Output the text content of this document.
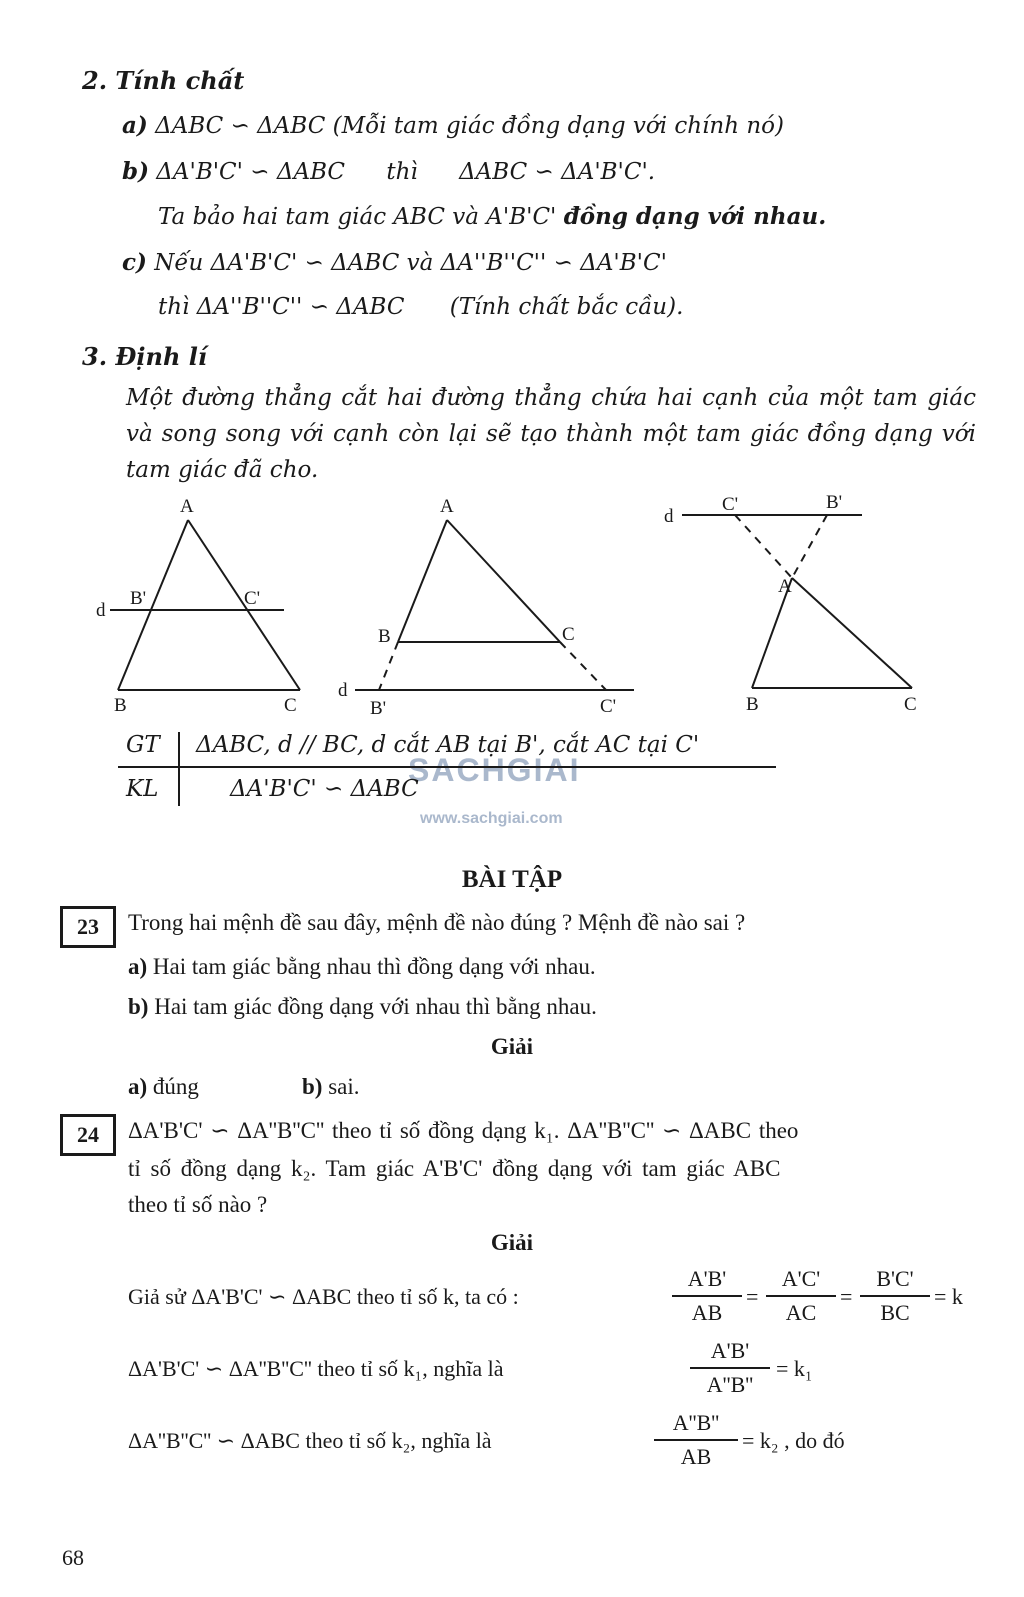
2. Tính chất
a) ΔABC ∽ ΔABC (Mỗi tam giác đồng dạng với chính nó)
b) ΔA'B'C' ∽ ΔABC thì ΔABC ∽ ΔA'B'C'.
Ta bảo hai tam giác ABC và A'B'C' đồng dạng với nhau.
c) Nếu ΔA'B'C' ∽ ΔABC và ΔA''B''C'' ∽ ΔA'B'C'
thì ΔA''B''C'' ∽ ΔABC (Tính chất bắc cầu).
3. Định lí
Một đường thẳng cắt hai đường thẳng chứa hai cạnh của một tam giác và song song với cạnh còn lại sẽ tạo thành một tam giác đồng dạng với tam giác đã cho.
A
B	C
B'	C'
d
A
B	C
B'	C'
d
A
B	C
B'
C'
d
SACHGIAI
www.sachgiai.com
GT ΔABC, d // BC, d cắt AB tại B', cắt AC tại C'
KL	ΔA'B'C' ∽ ΔABC
BÀI TẬP
23	Trong hai mệnh đề sau đây, mệnh đề nào đúng ? Mệnh đề nào sai ?
a) Hai tam giác bằng nhau thì đồng dạng với nhau.
b) Hai tam giác đồng dạng với nhau thì bằng nhau.
Giải
a) đúng	b) sai.
24	ΔA'B'C' ∽ ΔA''B''C'' theo tỉ số đồng dạng k₁. ΔA''B''C'' ∽ ΔABC theo
tỉ số đồng dạng k₂. Tam giác A'B'C' đồng dạng với tam giác ABC
theo tỉ số nào ?
Giải
Giả sử ΔA'B'C' ∽ ΔABC theo tỉ số k, ta có :
A'B'
AB
=
A'C'
AC
=
B'C'
BC
= k
ΔA'B'C' ∽ ΔA''B''C'' theo tỉ số k₁, nghĩa là
A'B'
A''B''
= k₁
ΔA''B''C'' ∽ ΔABC theo tỉ số k₂, nghĩa là
A''B''
AB
= k₂ , do đó
68
